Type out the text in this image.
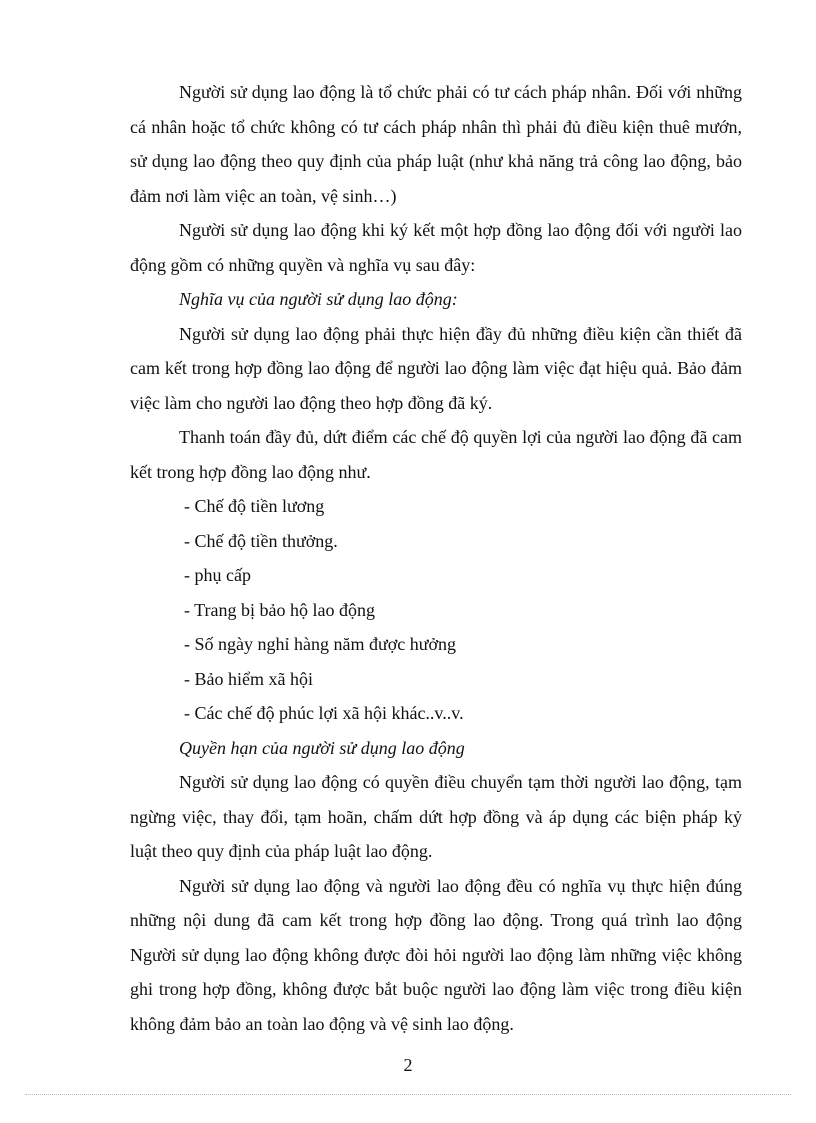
Người sử dụng lao động là tổ chức phải có tư cách pháp nhân. Đối với những cá nhân hoặc tổ chức không có tư cách pháp nhân thì phải đủ điều kiện thuê mướn, sử dụng lao động theo quy định của pháp luật (như khả năng trả công lao động, bảo đảm nơi làm việc an toàn, vệ sinh…)

Người sử dụng lao động khi ký kết một hợp đồng lao động đối với người lao động gồm có những quyền và nghĩa vụ sau đây:

Nghĩa vụ của người sử dụng lao động:

Người sử dụng lao động phải thực hiện đầy đủ những điều kiện cần thiết đã cam kết trong hợp đồng lao động để người lao động làm việc đạt hiệu quả. Bảo đảm việc làm cho người lao động theo hợp đồng đã ký.

Thanh toán đầy đủ, dứt điểm các chế độ quyền lợi của người lao động đã cam kết trong hợp đồng lao động như.

- Chế độ tiền lương

- Chế độ tiền thưởng.

- phụ cấp

- Trang bị bảo hộ lao động

- Số ngày nghỉ hàng năm được hưởng

- Bảo hiểm xã hội

- Các chế độ phúc lợi xã hội khác..v..v.

Quyền hạn của người sử dụng lao động

Người sử dụng lao động có quyền điều chuyển tạm thời người lao động, tạm ngừng việc, thay đổi, tạm hoãn, chấm dứt hợp đồng và áp dụng các biện pháp kỷ luật theo quy định của pháp luật lao động.

Người sử dụng lao động và người lao động đều có nghĩa vụ thực hiện đúng những nội dung đã cam kết trong hợp đồng lao động. Trong quá trình lao động Người sử dụng lao động không được đòi hỏi người lao động làm những việc không ghi trong hợp đồng, không được bắt buộc người lao động làm việc trong điều kiện không đảm bảo an toàn lao động và vệ sinh lao động.

2
